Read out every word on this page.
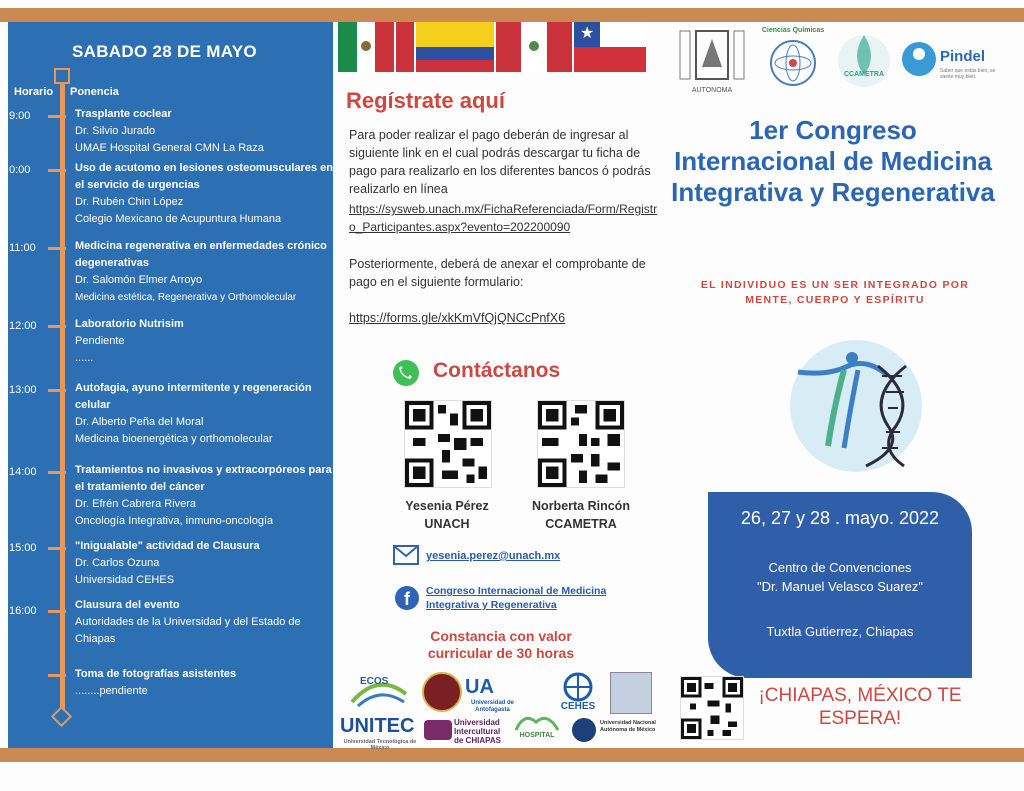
SABADO 28 DE MAYO
Horario Ponencia
9:00	Trasplante coclear
Dr. Silvio Jurado
UMAE Hospital General CMN La Raza
0:00	Uso de acutomo en lesiones osteomusculares en el servicio de urgencias
Dr. Rubén Chin López
Colegio Mexicano de Acupuntura Humana
11:00	Medicina regenerativa en enfermedades crónico degenerativas
Dr. Salomón Elmer Arroyo
Medicina estética, Regenerativa y Orthomolecular
12:00	Laboratorio Nutrisim
Pendiente
......
13:00	Autofagia, ayuno intermitente y regeneración celular
Dr. Alberto Peña del Moral
Medicina bioenergética y orthomolecular
14:00	Tratamientos no invasivos y extracorpóreos para el tratamiento del cáncer
Dr. Efrén Cabrera Rivera
Oncología Integrativa, inmuno-oncología
15:00	"Inigualable" actividad de Clausura
Dr. Carlos Ozuna
Universidad CEHES
16:00	Clausura del evento
Autoridades de la Universidad y del Estado de Chiapas
Toma de fotografías asistentes
........pendiente
★
Regístrate aquí
Para poder realizar el pago deberán de ingresar al siguiente link en el cual podrás descargar tu ficha de pago para realizarlo en los diferentes bancos ó podrás realizarlo en línea
https://sysweb.unach.mx/FichaReferenciada/Form/Registro_Participantes.aspx?evento=202200090
Posteriormente, deberá de anexar el comprobante de pago en el siguiente formulario:
https://forms.gle/xkKmVfQjQNCcPnfX6
Contáctanos
Yesenia Pérez
UNACH
Norberta Rincón
CCAMETRA
yesenia.perez@unach.mx
f	Congreso Internacional de Medicina Integrativa y Regenerativa
Constancia con valor curricular de 30 horas
ECOS	UA
Universidad de Antofagasta	CEHES
UNITEC
Universidad Tecnológica de México
Universidad Intercultural de CHIAPAS
HOSPITAL
Universidad Nacional Autónoma de México
AUTONOMA
Ciencias Químicas
CCAMETRA
Pindel
Saber que estás bien, se siente muy bien.
1er Congreso Internacional de Medicina Integrativa y Regenerativa
EL INDIVIDUO ES UN SER INTEGRADO POR MENTE, CUERPO Y ESPÍRITU
26, 27 y 28 . mayo. 2022
Centro de Convenciones
"Dr. Manuel Velasco Suarez"
Tuxtla Gutierrez, Chiapas
¡CHIAPAS, MÉXICO TE ESPERA!
